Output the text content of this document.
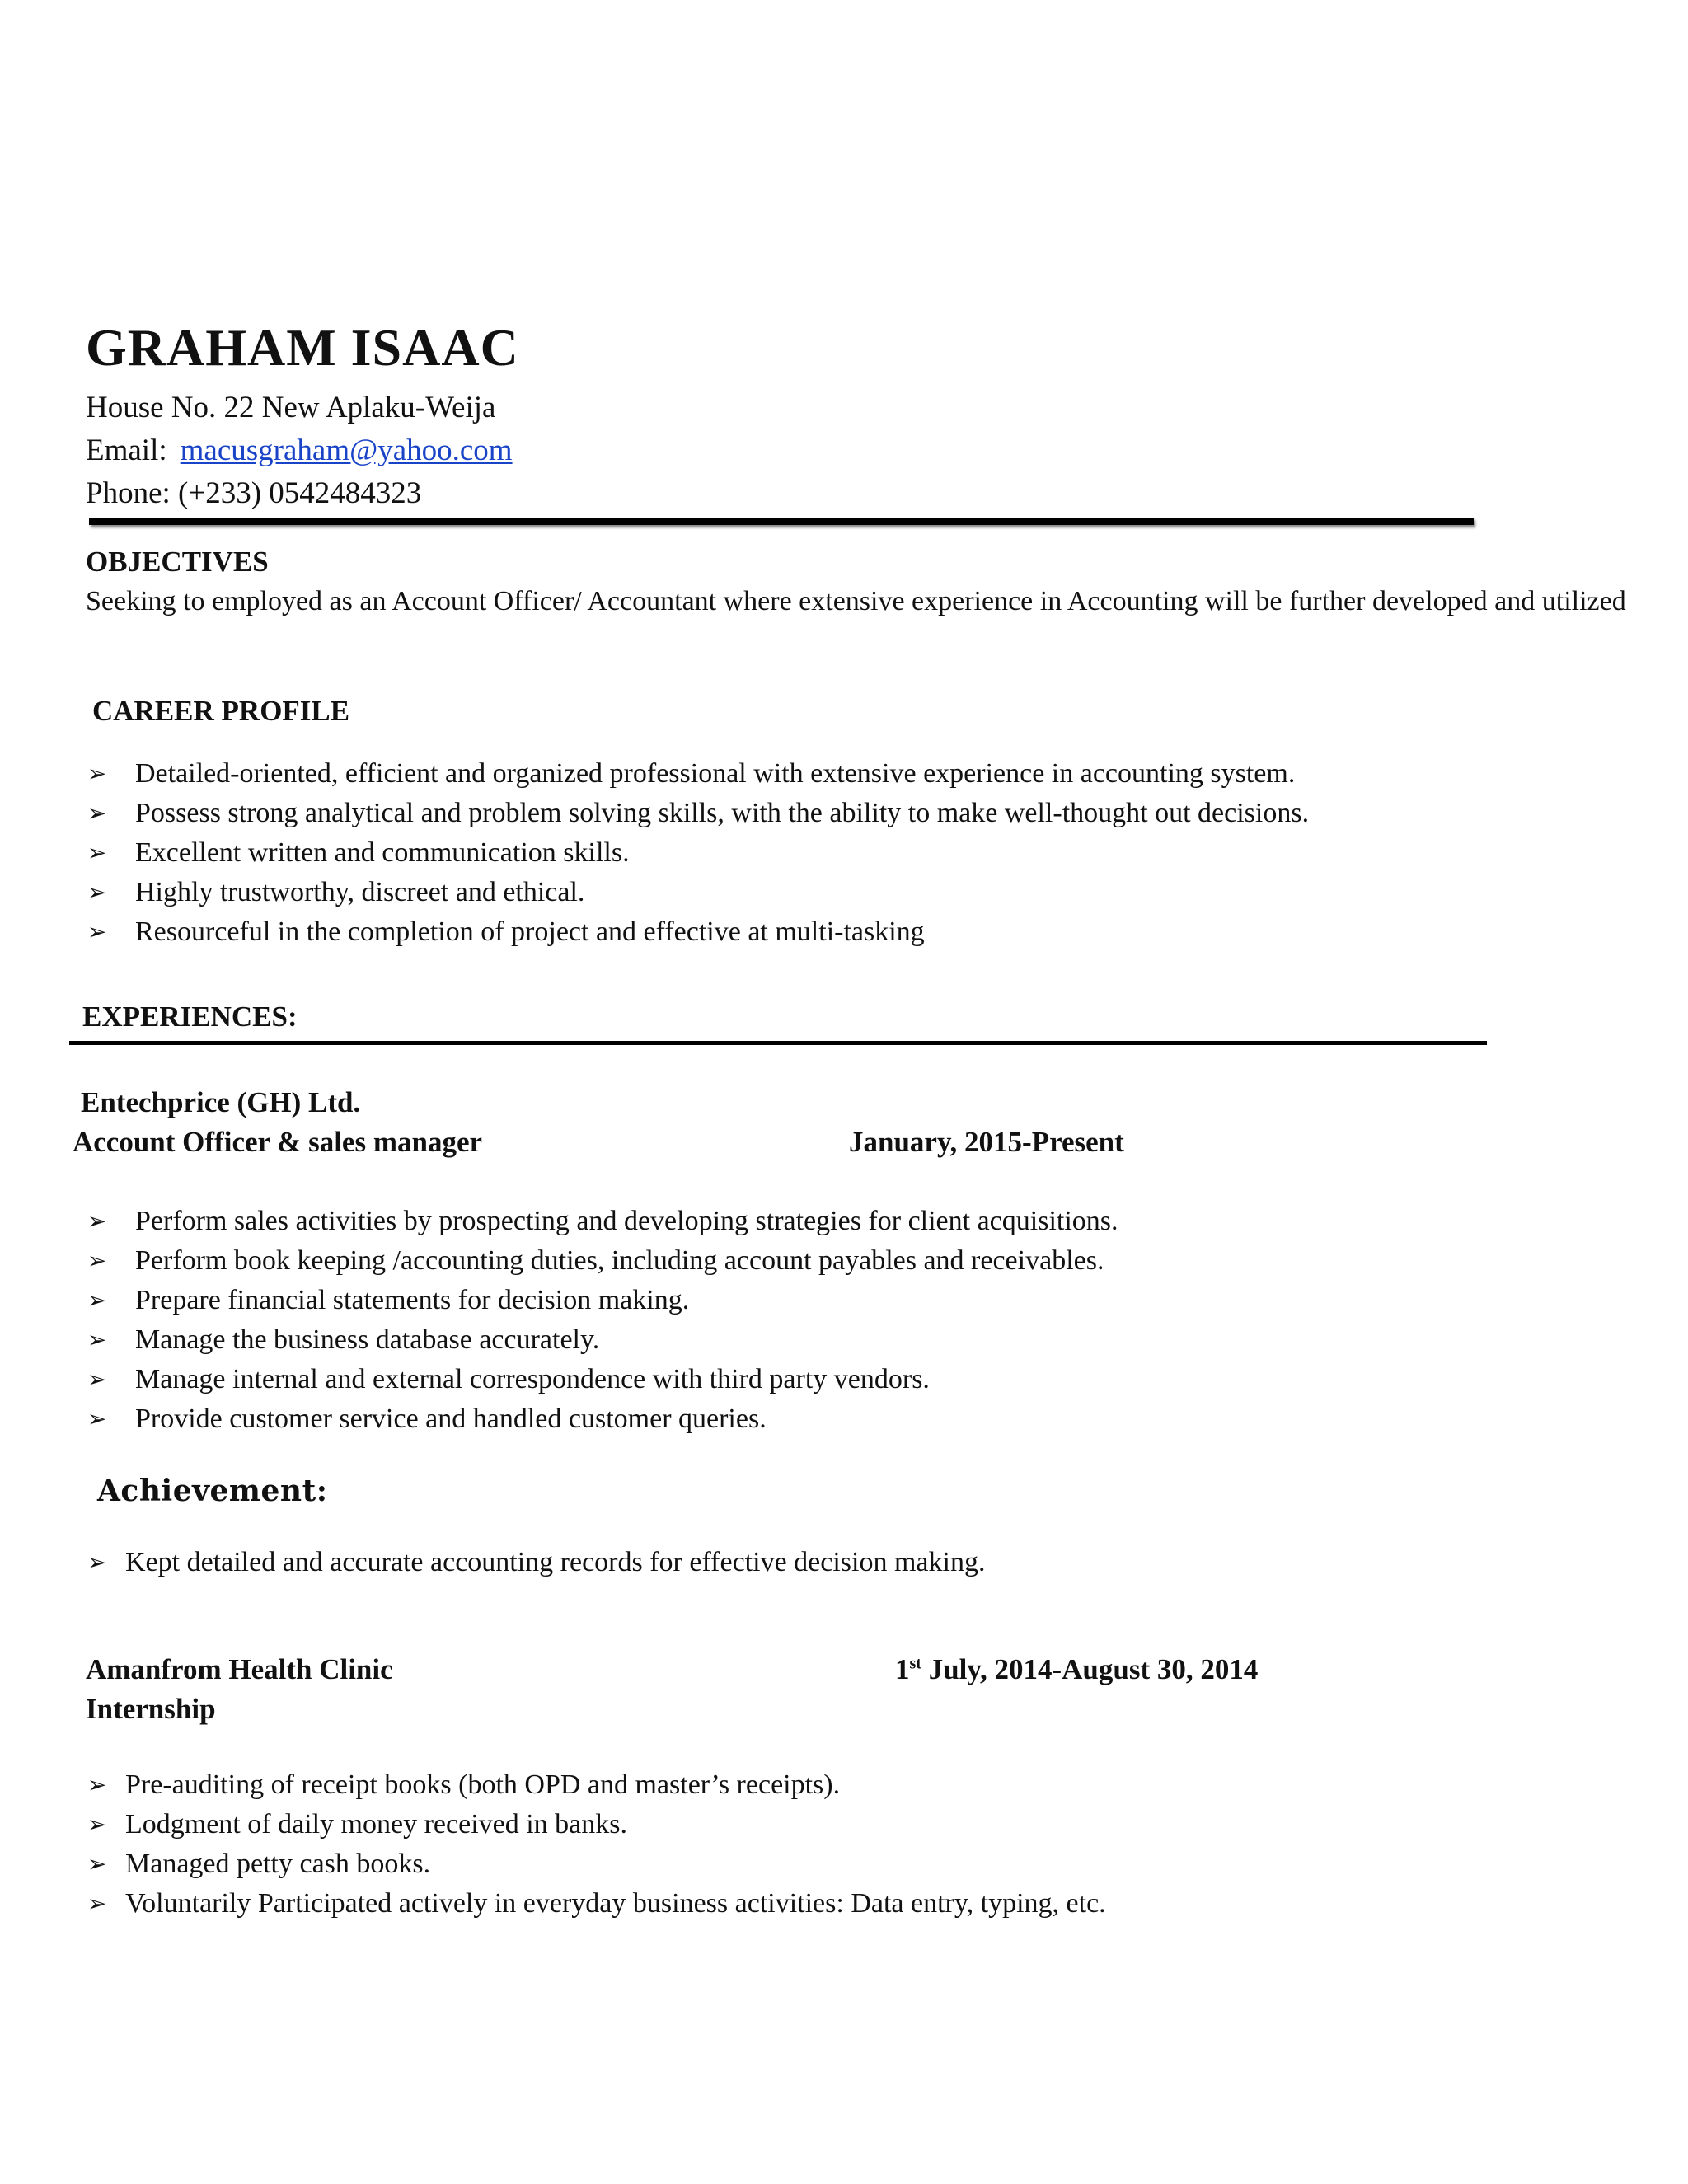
GRAHAM ISAAC
House No. 22 New Aplaku-Weija
Email: macusgraham@yahoo.com
Phone: (+233) 0542484323
OBJECTIVES
Seeking to employed as an Account Officer/ Accountant where extensive experience in Accounting will be further developed and utilized
CAREER PROFILE
➢ Detailed-oriented, efficient and organized professional with extensive experience in accounting system.
➢ Possess strong analytical and problem solving skills, with the ability to make well-thought out decisions.
➢ Excellent written and communication skills.
➢ Highly trustworthy, discreet and ethical.
➢ Resourceful in the completion of project and effective at multi-tasking
EXPERIENCES:
Entechprice (GH) Ltd.
Account Officer & sales manager	January, 2015-Present
➢ Perform sales activities by prospecting and developing strategies for client acquisitions.
➢ Perform book keeping /accounting duties, including account payables and receivables.
➢ Prepare financial statements for decision making.
➢ Manage the business database accurately.
➢ Manage internal and external correspondence with third party vendors.
➢ Provide customer service and handled customer queries.
Achievement:
➢ Kept detailed and accurate accounting records for effective decision making.
Amanfrom Health Clinic	1st July, 2014-August 30, 2014
Internship
➢ Pre-auditing of receipt books (both OPD and master’s receipts).
➢ Lodgment of daily money received in banks.
➢ Managed petty cash books.
➢ Voluntarily Participated actively in everyday business activities: Data entry, typing, etc.
